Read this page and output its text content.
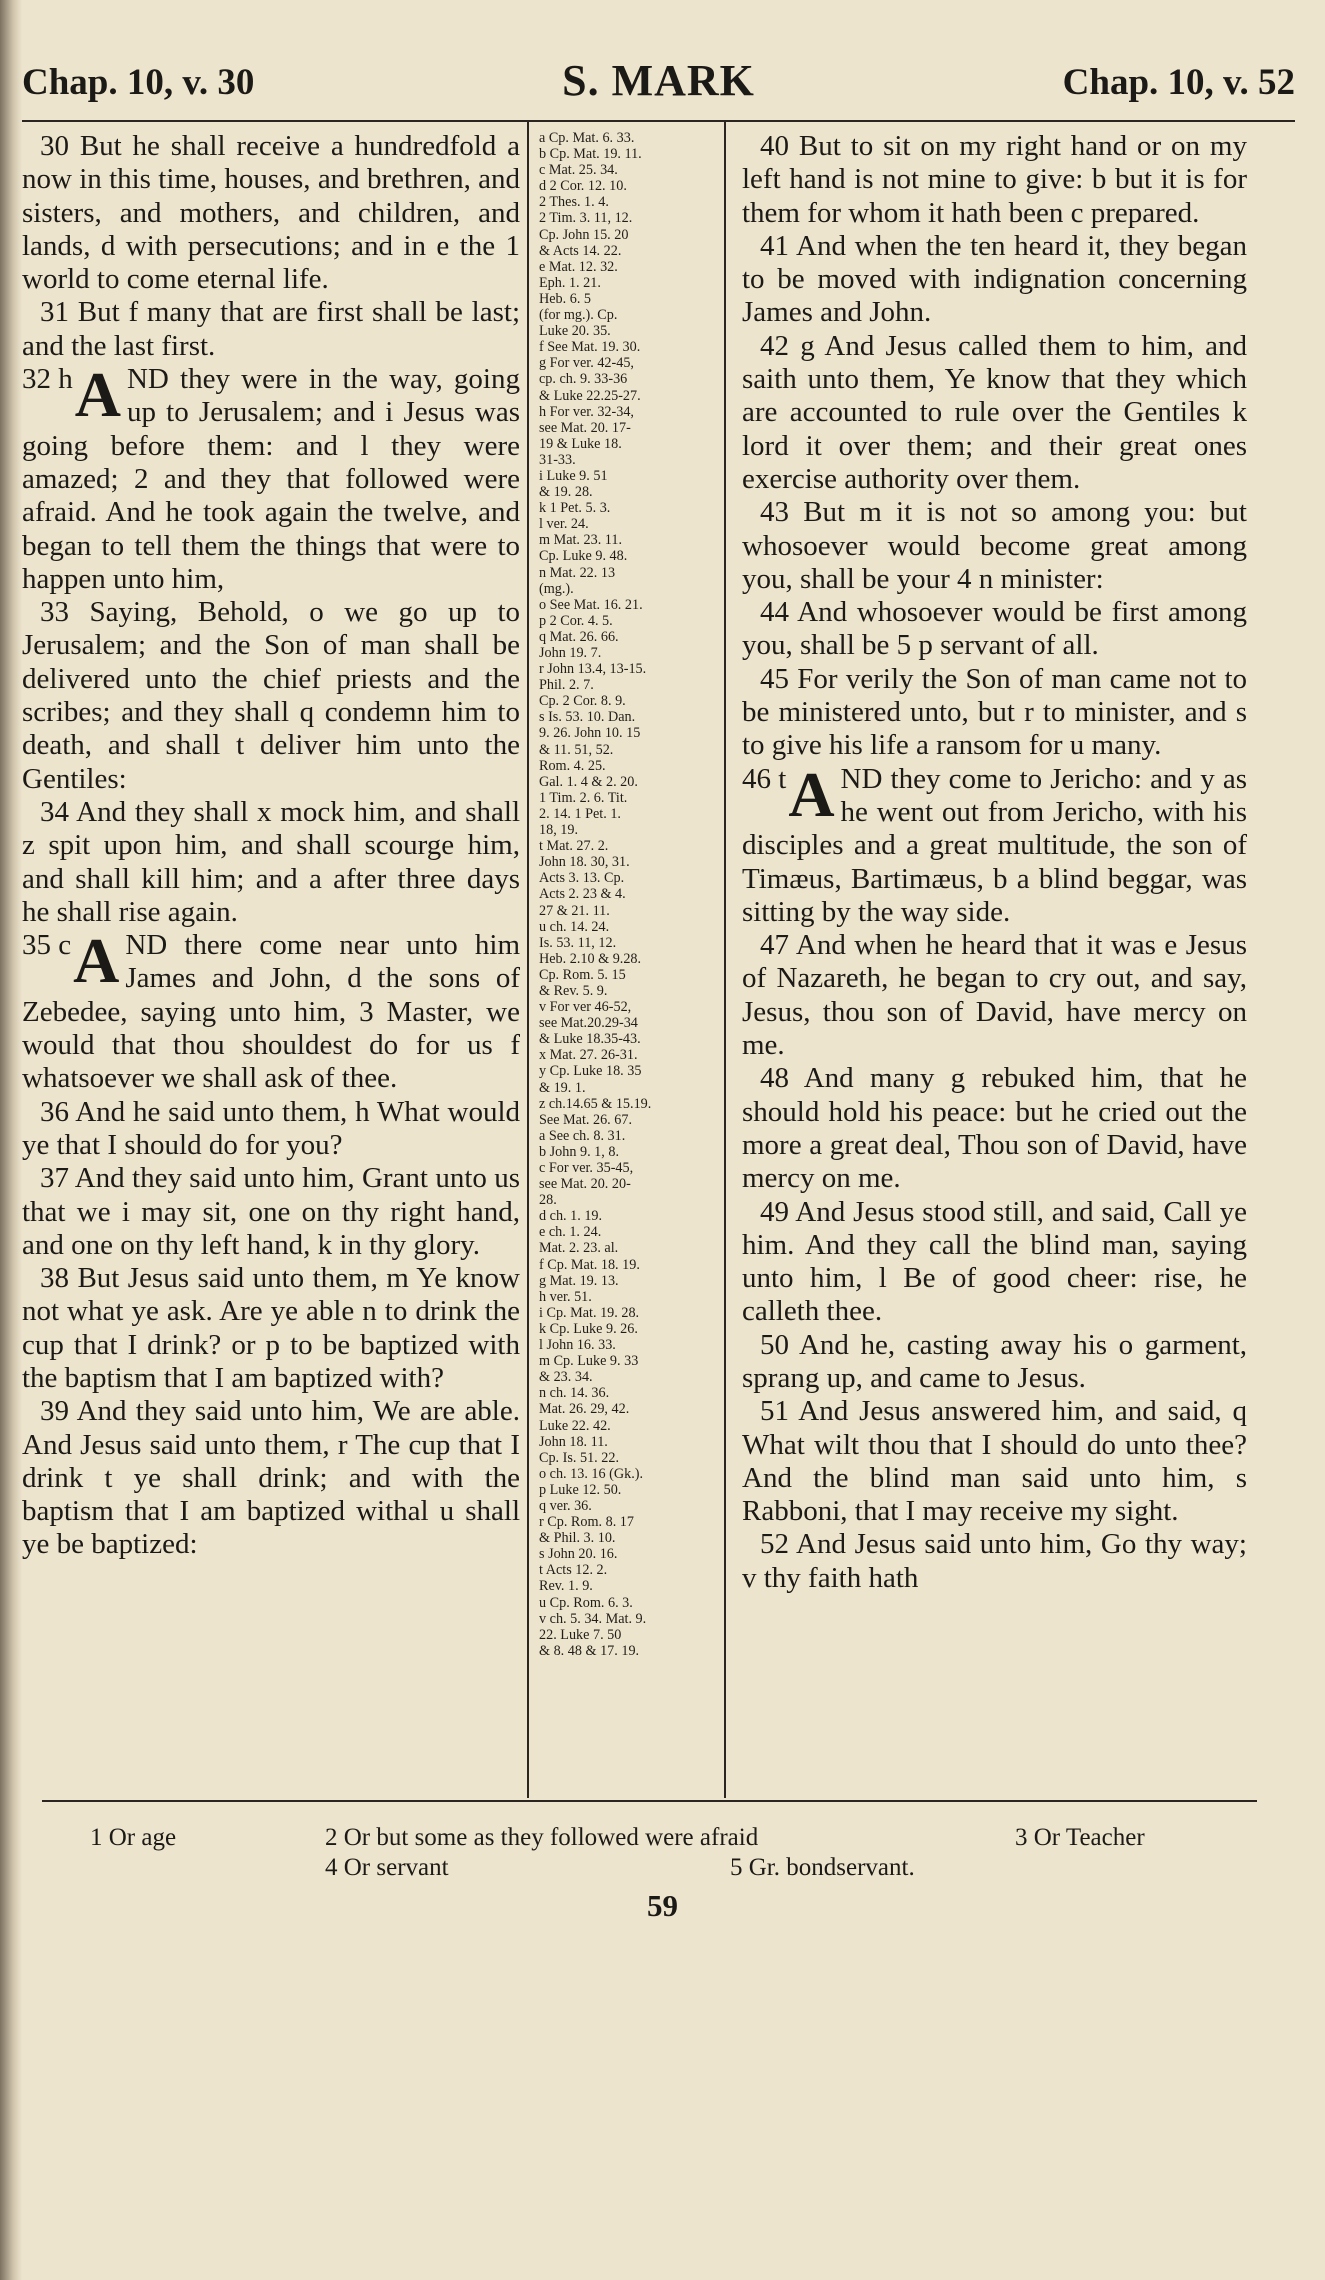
Chap. 10, v. 30	S. MARK	Chap. 10, v. 52

30 But he shall receive a hundredfold a now in this time, houses, and brethren, and sisters, and mothers, and children, and lands, d with persecutions; and in e the 1 world to come eternal life.

31 But f many that are first shall be last; and the last first.

32 h A ND they were in the way, going up to Jerusalem; and i Jesus was going before them: and l they were amazed; 2 and they that followed were afraid. And he took again the twelve, and began to tell them the things that were to happen unto him,

33 Saying, Behold, o we go up to Jerusalem; and the Son of man shall be delivered unto the chief priests and the scribes; and they shall q condemn him to death, and shall t deliver him unto the Gentiles:

34 And they shall x mock him, and shall z spit upon him, and shall scourge him, and shall kill him; and a after three days he shall rise again.

35 c A ND there come near unto him James and John, d the sons of Zebedee, saying unto him, 3 Master, we would that thou shouldest do for us f whatsoever we shall ask of thee.

36 And he said unto them, h What would ye that I should do for you?

37 And they said unto him, Grant unto us that we i may sit, one on thy right hand, and one on thy left hand, k in thy glory.

38 But Jesus said unto them, m Ye know not what ye ask. Are ye able n to drink the cup that I drink? or p to be baptized with the baptism that I am baptized with?

39 And they said unto him, We are able. And Jesus said unto them, r The cup that I drink t ye shall drink; and with the baptism that I am baptized withal u shall ye be baptized:

a Cp. Mat. 6. 33.
b Cp. Mat. 19. 11.
c Mat. 25. 34.
d 2 Cor. 12. 10.
2 Thes. 1. 4.
2 Tim. 3. 11, 12.
Cp. John 15. 20
& Acts 14. 22.
e Mat. 12. 32.
Eph. 1. 21.
Heb. 6. 5
(for mg.). Cp.
Luke 20. 35.
f See Mat. 19. 30.
g For ver. 42-45,
cp. ch. 9. 33-36
& Luke 22.25-27.
h For ver. 32-34,
see Mat. 20. 17-
19 & Luke 18.
31-33.
i Luke 9. 51
& 19. 28.
k 1 Pet. 5. 3.
l ver. 24.
m Mat. 23. 11.
Cp. Luke 9. 48.
n Mat. 22. 13
(mg.).
o See Mat. 16. 21.
p 2 Cor. 4. 5.
q Mat. 26. 66.
John 19. 7.
r John 13.4, 13-15.
Phil. 2. 7.
Cp. 2 Cor. 8. 9.
s Is. 53. 10. Dan.
9. 26. John 10. 15
& 11. 51, 52.
Rom. 4. 25.
Gal. 1. 4 & 2. 20.
1 Tim. 2. 6. Tit.
2. 14. 1 Pet. 1.
18, 19.
t Mat. 27. 2.
John 18. 30, 31.
Acts 3. 13. Cp.
Acts 2. 23 & 4.
27 & 21. 11.
u ch. 14. 24.
Is. 53. 11, 12.
Heb. 2.10 & 9.28.
Cp. Rom. 5. 15
& Rev. 5. 9.
v For ver 46-52,
see Mat.20.29-34
& Luke 18.35-43.
x Mat. 27. 26-31.
y Cp. Luke 18. 35
& 19. 1.
z ch.14.65 & 15.19.
See Mat. 26. 67.
a See ch. 8. 31.
b John 9. 1, 8.
c For ver. 35-45,
see Mat. 20. 20-
28.
d ch. 1. 19.
e ch. 1. 24.
Mat. 2. 23. al.
f Cp. Mat. 18. 19.
g Mat. 19. 13.
h ver. 51.
i Cp. Mat. 19. 28.
k Cp. Luke 9. 26.
l John 16. 33.
m Cp. Luke 9. 33
& 23. 34.
n ch. 14. 36.
Mat. 26. 29, 42.
Luke 22. 42.
John 18. 11.
Cp. Is. 51. 22.
o ch. 13. 16 (Gk.).
p Luke 12. 50.
q ver. 36.
r Cp. Rom. 8. 17
& Phil. 3. 10.
s John 20. 16.
t Acts 12. 2.
Rev. 1. 9.
u Cp. Rom. 6. 3.
v ch. 5. 34. Mat. 9.
22. Luke 7. 50
& 8. 48 & 17. 19.

40 But to sit on my right hand or on my left hand is not mine to give: b but it is for them for whom it hath been c prepared.

41 And when the ten heard it, they began to be moved with indignation concerning James and John.

42 g And Jesus called them to him, and saith unto them, Ye know that they which are accounted to rule over the Gentiles k lord it over them; and their great ones exercise authority over them.

43 But m it is not so among you: but whosoever would become great among you, shall be your 4 n minister:

44 And whosoever would be first among you, shall be 5 p servant of all.

45 For verily the Son of man came not to be ministered unto, but r to minister, and s to give his life a ransom for u many.

46 t A ND they come to Jericho: and y as he went out from Jericho, with his disciples and a great multitude, the son of Timæus, Bartimæus, b a blind beggar, was sitting by the way side.

47 And when he heard that it was e Jesus of Nazareth, he began to cry out, and say, Jesus, thou son of David, have mercy on me.

48 And many g rebuked him, that he should hold his peace: but he cried out the more a great deal, Thou son of David, have mercy on me.

49 And Jesus stood still, and said, Call ye him. And they call the blind man, saying unto him, l Be of good cheer: rise, he calleth thee.

50 And he, casting away his o garment, sprang up, and came to Jesus.

51 And Jesus answered him, and said, q What wilt thou that I should do unto thee? And the blind man said unto him, s Rabboni, that I may receive my sight.

52 And Jesus said unto him, Go thy way; v thy faith hath

1 Or age	2 Or but some as they followed were afraid	3 Or Teacher
4 Or servant	5 Gr. bondservant.
59
